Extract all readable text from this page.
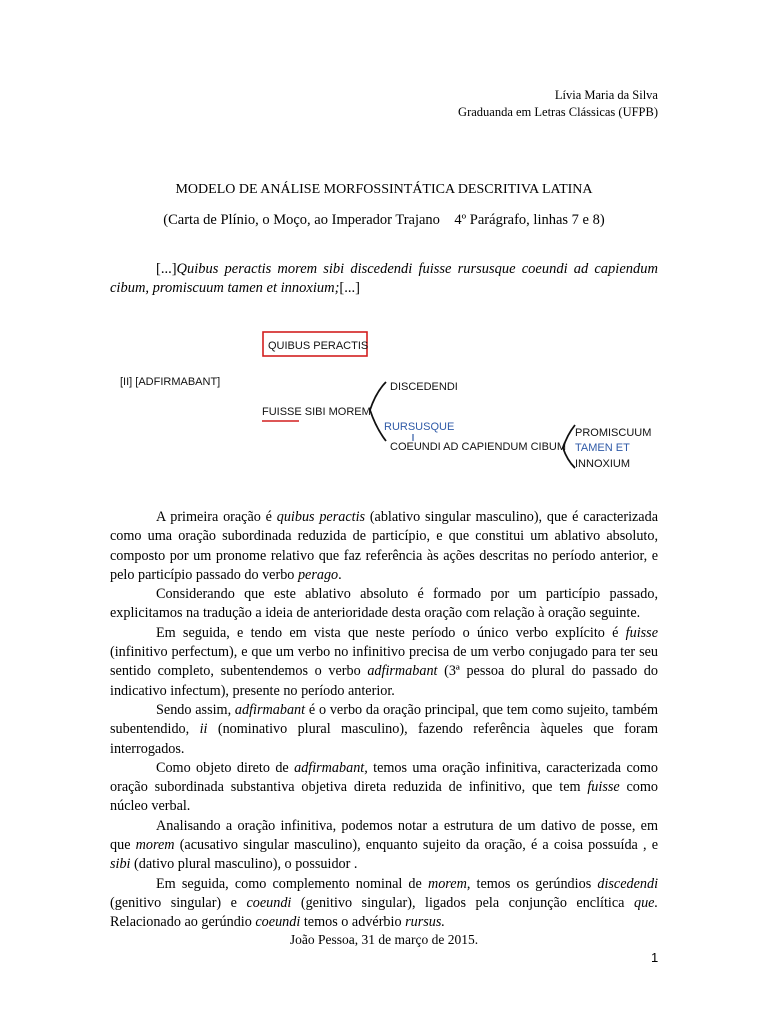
Lívia Maria da Silva
Graduanda em Letras Clássicas (UFPB)
MODELO DE ANÁLISE MORFOSSINTÁTICA DESCRITIVA LATINA
(Carta de Plínio, o Moço, ao Imperador Trajano    4º Parágrafo, linhas 7 e 8)
[...]Quibus peractis morem sibi discedendi fuisse rursusque coeundi ad capiendum cibum, promiscuum tamen et innoxium;[...]
QUIBUS PERACTIS
[II] [ADFIRMABANT]
FUISSE SIBI MOREM
DISCEDENDI
RURSUSQUE
COEUNDI AD CAPIENDUM CIBUM
PROMISCUUM
TAMEN ET
INNOXIUM

A primeira oração é quibus peractis (ablativo singular masculino), que é caracterizada como uma oração subordinada reduzida de particípio, e que constitui um ablativo absoluto, composto por um pronome relativo que faz referência às ações descritas no período anterior, e pelo particípio passado do verbo perago.

Considerando que este ablativo absoluto é formado por um particípio passado, explicitamos na tradução a ideia de anterioridade desta oração com relação à oração seguinte.

Em seguida, e tendo em vista que neste período o único verbo explícito é fuisse (infinitivo perfectum), e que um verbo no infinitivo precisa de um verbo conjugado para ter seu sentido completo, subentendemos o verbo adfirmabant (3ª pessoa do plural do passado do indicativo infectum), presente no período anterior.

Sendo assim, adfirmabant é o verbo da oração principal, que tem como sujeito, também subentendido, ii (nominativo plural masculino), fazendo referência àqueles que foram interrogados.

Como objeto direto de adfirmabant, temos uma oração infinitiva, caracterizada como oração subordinada substantiva objetiva direta reduzida de infinitivo, que tem fuisse como núcleo verbal.

Analisando a oração infinitiva, podemos notar a estrutura de um dativo de posse, em que morem (acusativo singular masculino), enquanto sujeito da oração, é a coisa possuída , e sibi (dativo plural masculino), o possuidor .

Em seguida, como complemento nominal de morem, temos os gerúndios discedendi (genitivo singular) e coeundi (genitivo singular), ligados pela conjunção enclítica que. Relacionado ao gerúndio coeundi temos o advérbio rursus.

João Pessoa, 31 de março de 2015.
1
